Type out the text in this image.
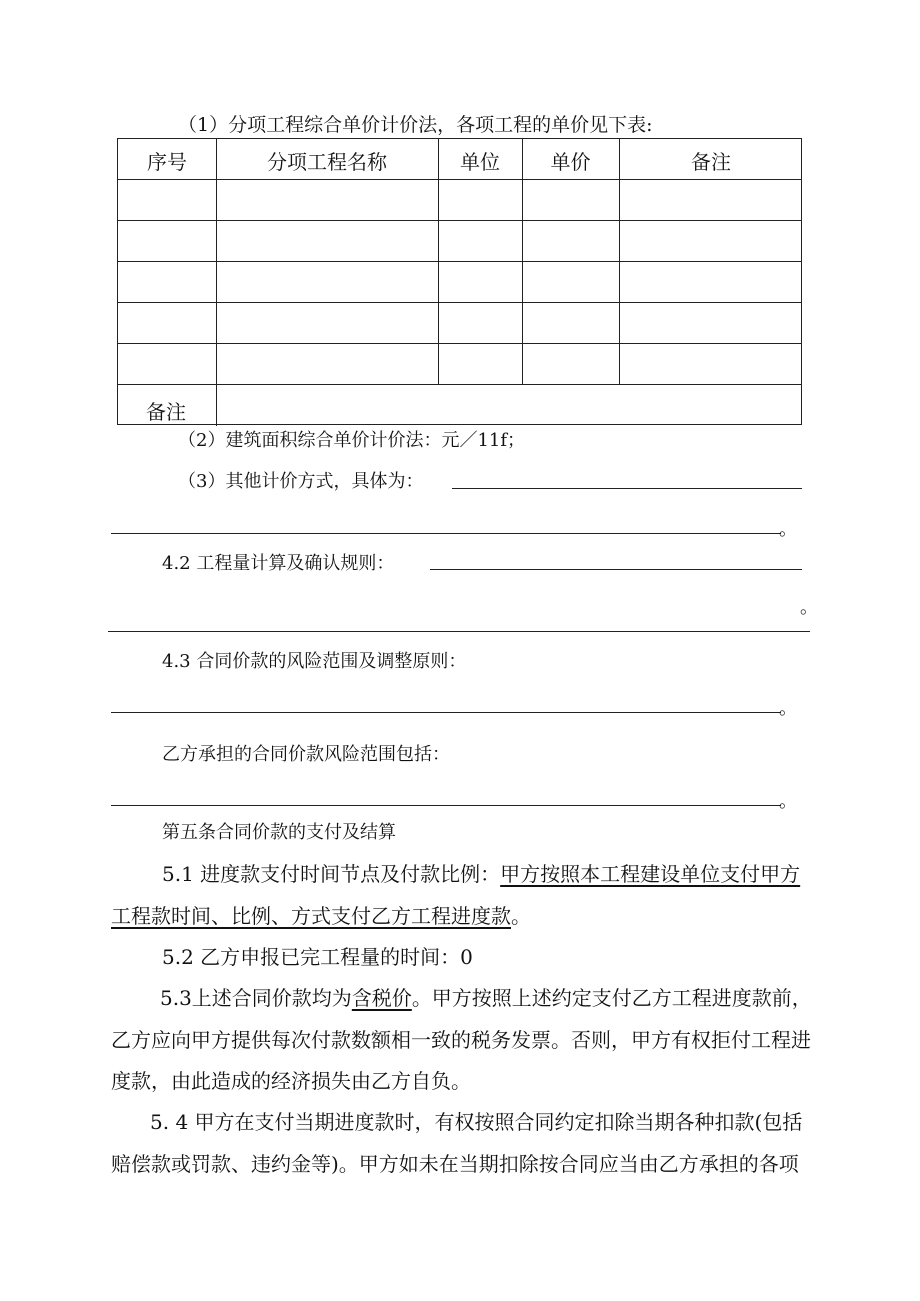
（1）分项工程综合单价计价法，各项工程的单价见下表:
序号	分项工程名称	单位	单价	备注
备注
（2）建筑面积综合单价计价法：元／11f；
（3）其他计价方式，具体为：
。
4.2 工程量计算及确认规则：
。
4.3 合同价款的风险范围及调整原则：
。
乙方承担的合同价款风险范围包括：
。
第五条合同价款的支付及结算
5.1 进度款支付时间节点及付款比例：甲方按照本工程建设单位支付甲方
工程款时间、比例、方式支付乙方工程进度款。
5.2 乙方申报已完工程量的时间：0
5.3上述合同价款均为含税价。甲方按照上述约定支付乙方工程进度款前，
乙方应向甲方提供每次付款数额相一致的税务发票。否则，甲方有权拒付工程进
度款，由此造成的经济损失由乙方自负。
5. 4 甲方在支付当期进度款时，有权按照合同约定扣除当期各种扣款(包括
赔偿款或罚款、违约金等)。甲方如未在当期扣除按合同应当由乙方承担的各项
